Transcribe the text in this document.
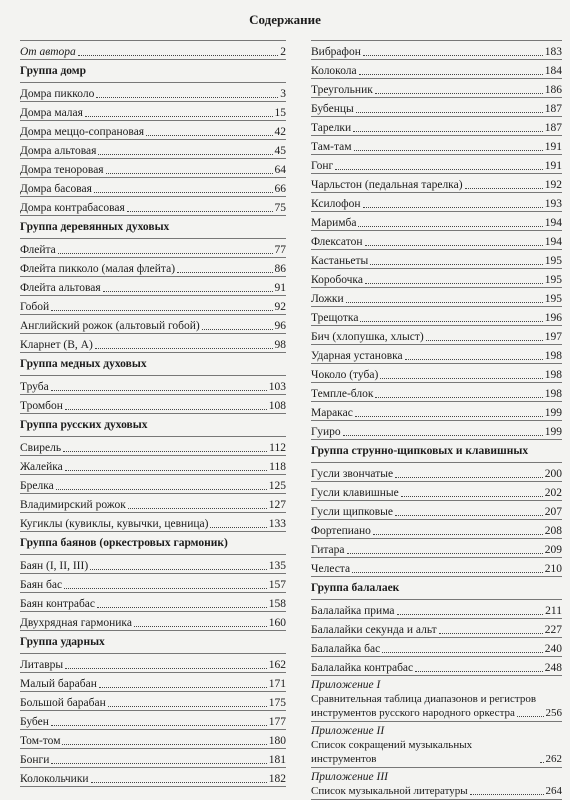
Содержание
От автора	2
Группа домр
Домра пикколо	3
Домра малая	15
Домра меццо-сопрановая	42
Домра альтовая	45
Домра теноровая	64
Домра басовая	66
Домра контрабасовая	75
Группа деревянных духовых
Флейта	77
Флейта пикколо (малая флейта)	86
Флейта альтовая	91
Гобой	92
Английский рожок (альтовый гобой)	96
Кларнет (В, А)	98
Группа медных духовых
Труба	103
Тромбон	108
Группа русских духовых
Свирель	112
Жалейка	118
Брелка	125
Владимирский рожок	127
Кугиклы (кувиклы, кувычки, цевница)	133
Группа баянов (оркестровых гармоник)
Баян (I, II, III)	135
Баян бас	157
Баян контрабас	158
Двухрядная гармоника	160
Группа ударных
Литавры	162
Малый барабан	171
Большой барабан	175
Бубен	177
Том-том	180
Бонги	181
Колокольчики	182
Вибрафон	183
Колокола	184
Треугольник	186
Бубенцы	187
Тарелки	187
Там-там	191
Гонг	191
Чарльстон (педальная тарелка)	192
Ксилофон	193
Маримба	194
Флексатон	194
Кастаньеты	195
Коробочка	195
Ложки	195
Трещотка	196
Бич (хлопушка, хлыст)	197
Ударная установка	198
Чоколо (туба)	198
Темпле-блок	198
Маракас	199
Гуиро	199
Группа струнно-щипковых и клавишных
Гусли звончатые	200
Гусли клавишные	202
Гусли щипковые	207
Фортепиано	208
Гитара	209
Челеста	210
Группа балалаек
Балалайка прима	211
Балалайки секунда и альт	227
Балалайка бас	240
Балалайка контрабас	248
Приложение I
Сравнительная таблица диапазонов и регистров
инструментов русского народного оркестра	256
Приложение II
Список сокращений музыкальных инструментов	262
Приложение III
Список музыкальной литературы	264
